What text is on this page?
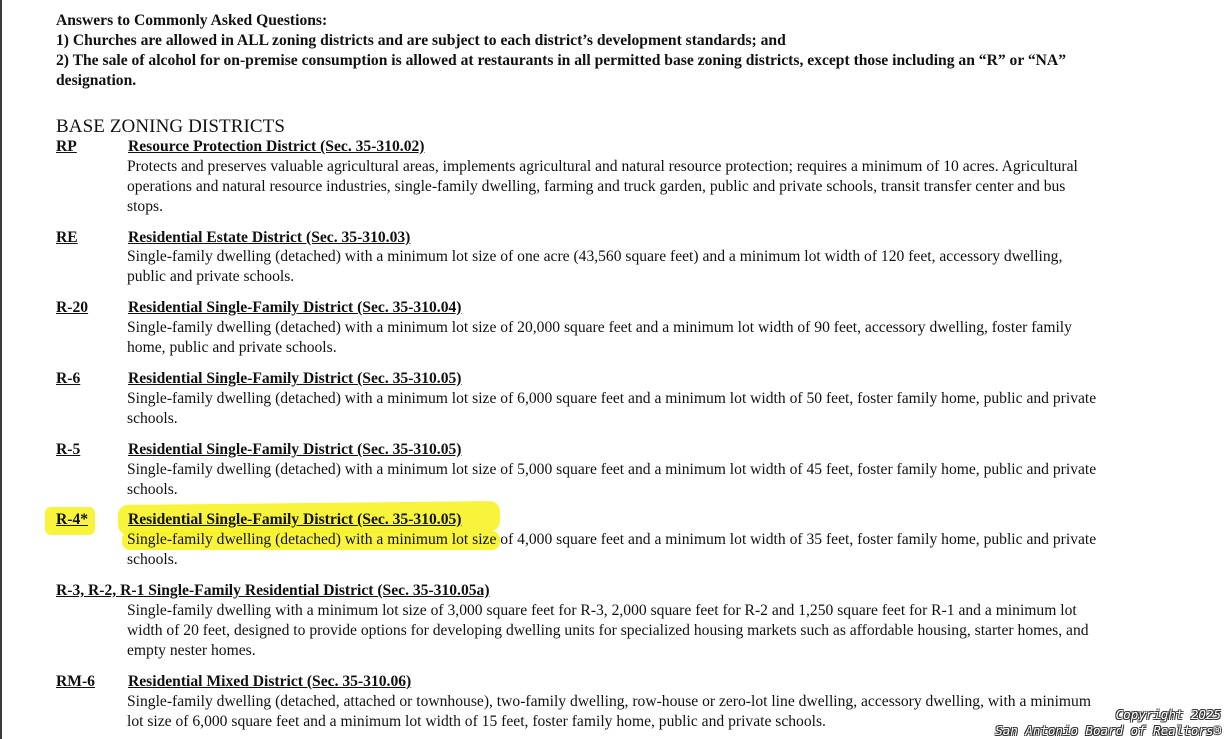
Answers to Commonly Asked Questions:
1) Churches are allowed in ALL zoning districts and are subject to each district’s development standards; and
2) The sale of alcohol for on-premise consumption is allowed at restaurants in all permitted base zoning districts, except those including an “R” or “NA”
designation.
BASE ZONING DISTRICTS
RP	Resource Protection District (Sec. 35-310.02)
Protects and preserves valuable agricultural areas, implements agricultural and natural resource protection; requires a minimum of 10 acres. Agricultural
operations and natural resource industries, single-family dwelling, farming and truck garden, public and private schools, transit transfer center and bus
stops.
RE	Residential Estate District (Sec. 35-310.03)
Single-family dwelling (detached) with a minimum lot size of one acre (43,560 square feet) and a minimum lot width of 120 feet, accessory dwelling,
public and private schools.
R-20	Residential Single-Family District (Sec. 35-310.04)
Single-family dwelling (detached) with a minimum lot size of 20,000 square feet and a minimum lot width of 90 feet, accessory dwelling, foster family
home, public and private schools.
R-6	Residential Single-Family District (Sec. 35-310.05)
Single-family dwelling (detached) with a minimum lot size of 6,000 square feet and a minimum lot width of 50 feet, foster family home, public and private
schools.
R-5	Residential Single-Family District (Sec. 35-310.05)
Single-family dwelling (detached) with a minimum lot size of 5,000 square feet and a minimum lot width of 45 feet, foster family home, public and private
schools.
R-4*	Residential Single-Family District (Sec. 35-310.05)
Single-family dwelling (detached) with a minimum lot size of 4,000 square feet and a minimum lot width of 35 feet, foster family home, public and private
schools.
R-3, R-2, R-1 Single-Family Residential District (Sec. 35-310.05a)
Single-family dwelling with a minimum lot size of 3,000 square feet for R-3, 2,000 square feet for R-2 and 1,250 square feet for R-1 and a minimum lot
width of 20 feet, designed to provide options for developing dwelling units for specialized housing markets such as affordable housing, starter homes, and
empty nester homes.
RM-6 Residential Mixed District (Sec. 35-310.06)
Single-family dwelling (detached, attached or townhouse), two-family dwelling, row-house or zero-lot line dwelling, accessory dwelling, with a minimum
lot size of 6,000 square feet and a minimum lot width of 15 feet, foster family home, public and private schools.	Copyright 2025
San Antonio Board of Realtors®
